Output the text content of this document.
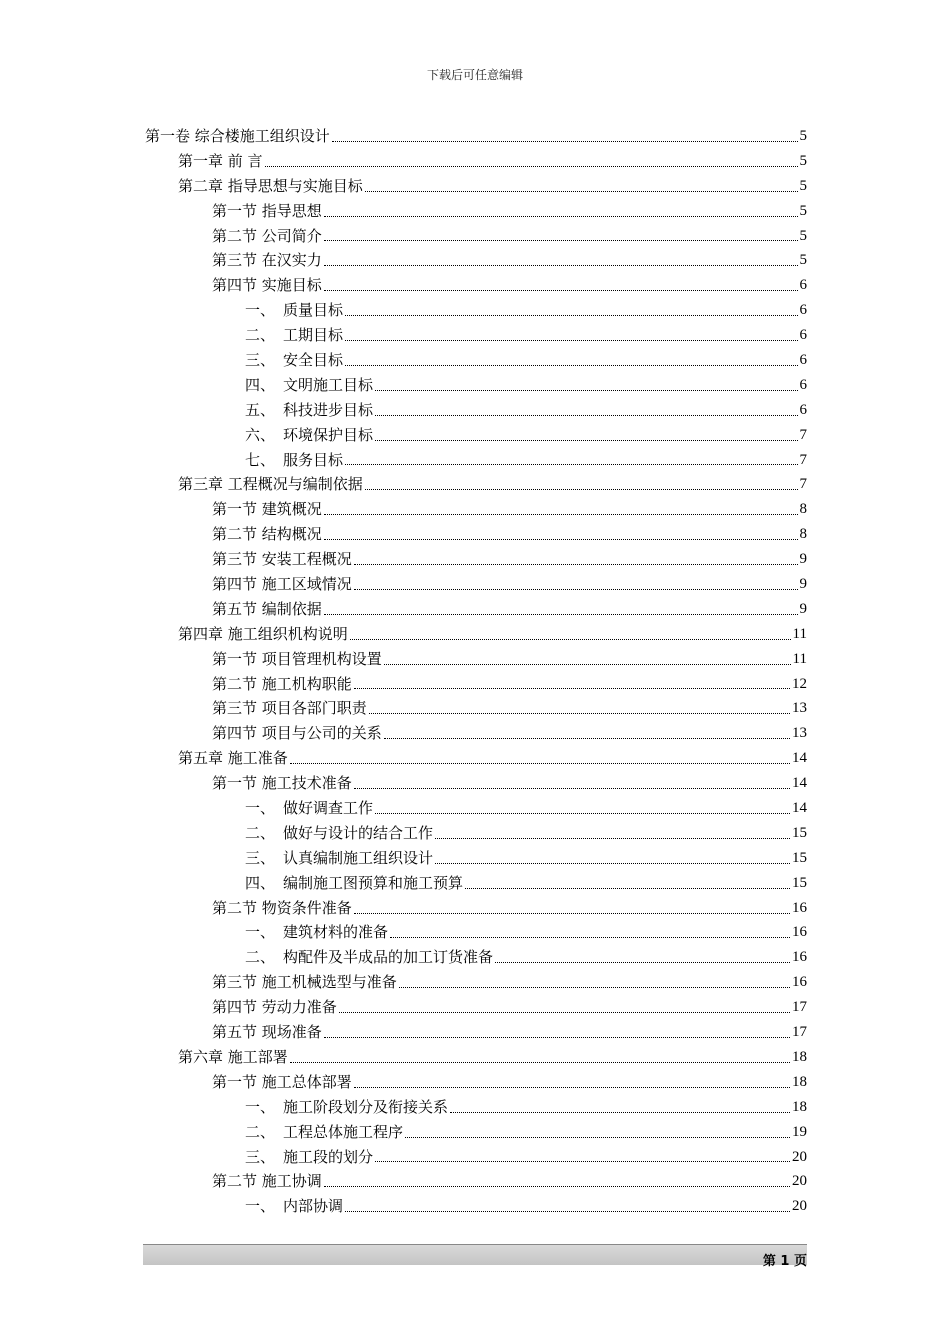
下载后可任意编辑
第一卷 综合楼施工组织设计	5
第一章 前 言	5
第二章 指导思想与实施目标	5
第一节 指导思想	5
第二节 公司简介	5
第三节 在汉实力	5
第四节 实施目标	6
一、 质量目标	6
二、 工期目标	6
三、 安全目标	6
四、 文明施工目标	6
五、 科技进步目标	6
六、 环境保护目标	7
七、 服务目标	7
第三章 工程概况与编制依据	7
第一节 建筑概况	8
第二节 结构概况	8
第三节 安装工程概况	9
第四节 施工区域情况	9
第五节 编制依据	9
第四章 施工组织机构说明	11
第一节 项目管理机构设置	11
第二节 施工机构职能	12
第三节 项目各部门职责	13
第四节 项目与公司的关系	13
第五章 施工准备	14
第一节 施工技术准备	14
一、 做好调查工作	14
二、 做好与设计的结合工作	15
三、 认真编制施工组织设计	15
四、 编制施工图预算和施工预算	15
第二节 物资条件准备	16
一、 建筑材料的准备	16
二、 构配件及半成品的加工订货准备	16
第三节 施工机械选型与准备	16
第四节 劳动力准备	17
第五节 现场准备	17
第六章 施工部署	18
第一节 施工总体部署	18
一、 施工阶段划分及衔接关系	18
二、 工程总体施工程序	19
三、 施工段的划分	20
第二节 施工协调	20
一、 内部协调	20
第 1 页
